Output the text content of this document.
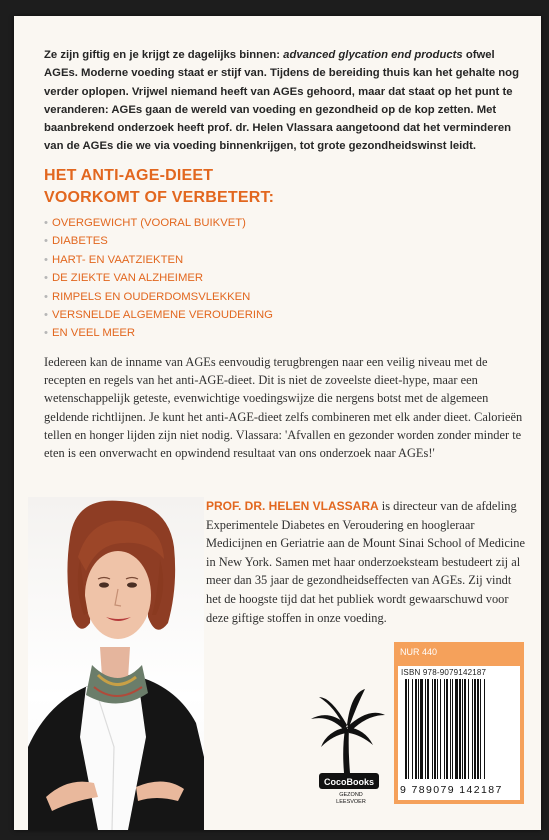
Ze zijn giftig en je krijgt ze dagelijks binnen: advanced glycation end products ofwel AGEs. Moderne voeding staat er stijf van. Tijdens de bereiding thuis kan het gehalte nog verder oplopen. Vrijwel niemand heeft van AGEs gehoord, maar dat staat op het punt te veranderen: AGEs gaan de wereld van voeding en gezondheid op de kop zetten. Met baanbrekend onderzoek heeft prof. dr. Helen Vlassara aangetoond dat het verminderen van de AGEs die we via voeding binnenkrijgen, tot grote gezondheidswinst leidt.

HET ANTI-AGE-DIEET
VOORKOMT OF VERBETERT:
• OVERGEWICHT (VOORAL BUIKVET)
• DIABETES
• HART- EN VAATZIEKTEN
• DE ZIEKTE VAN ALZHEIMER
• RIMPELS EN OUDERDOMSVLEKKEN
• VERSNELDE ALGEMENE VEROUDERING
• EN VEEL MEER

Iedereen kan de inname van AGEs eenvoudig terugbrengen naar een veilig niveau met de recepten en regels van het anti-AGE-dieet. Dit is niet de zoveelste dieet-hype, maar een wetenschappelijk geteste, evenwichtige voedingswijze die nergens botst met de algemeen geldende richtlijnen. Je kunt het anti-AGE-dieet zelfs combineren met elk ander dieet. Calorieën tellen en honger lijden zijn niet nodig. Vlassara: 'Afvallen en gezonder worden zonder minder te eten is een onverwacht en opwindend resultaat van ons onderzoek naar AGEs!'

PROF. DR. HELEN VLASSARA is directeur van de afdeling Experimentele Diabetes en Veroudering en hoogleraar Medicijnen en Geriatrie aan de Mount Sinai School of Medicine in New York. Samen met haar onderzoeksteam bestudeert zij al meer dan 35 jaar de gezondheidseffecten van AGEs. Zij vindt het de hoogste tijd dat het publiek wordt gewaarschuwd voor deze giftige stoffen in onze voeding.

CocoBooks
GEZOND
LEESVOER
NUR 440
ISBN 978-9079142187
9 789079 142187
